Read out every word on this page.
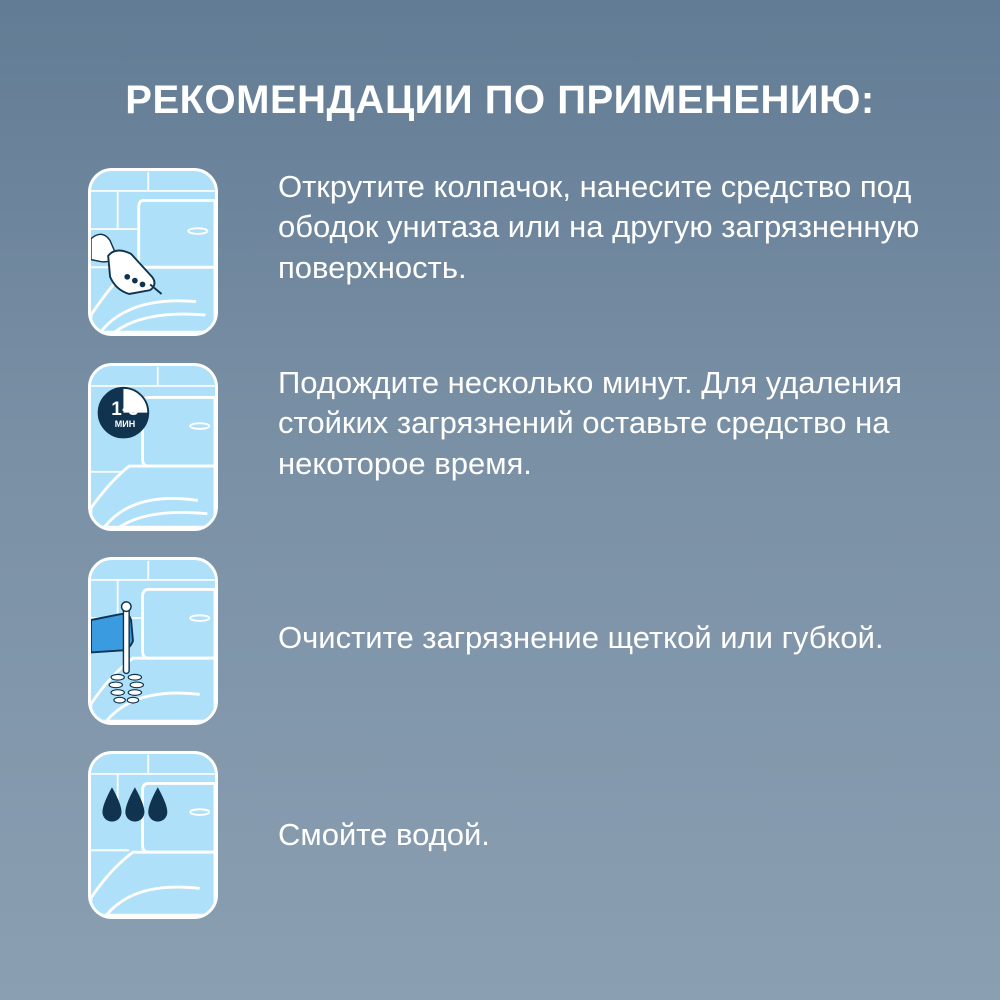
РЕКОМЕНДАЦИИ ПО ПРИМЕНЕНИЮ:

Открутите колпачок, нанесите средство под ободок унитаза или на другую загрязненную поверхность.

1-3
МИН

Подождите несколько минут. Для удаления стойких загрязнений оставьте средство на некоторое время.

Очистите загрязнение щеткой или губкой.

Смойте водой.
